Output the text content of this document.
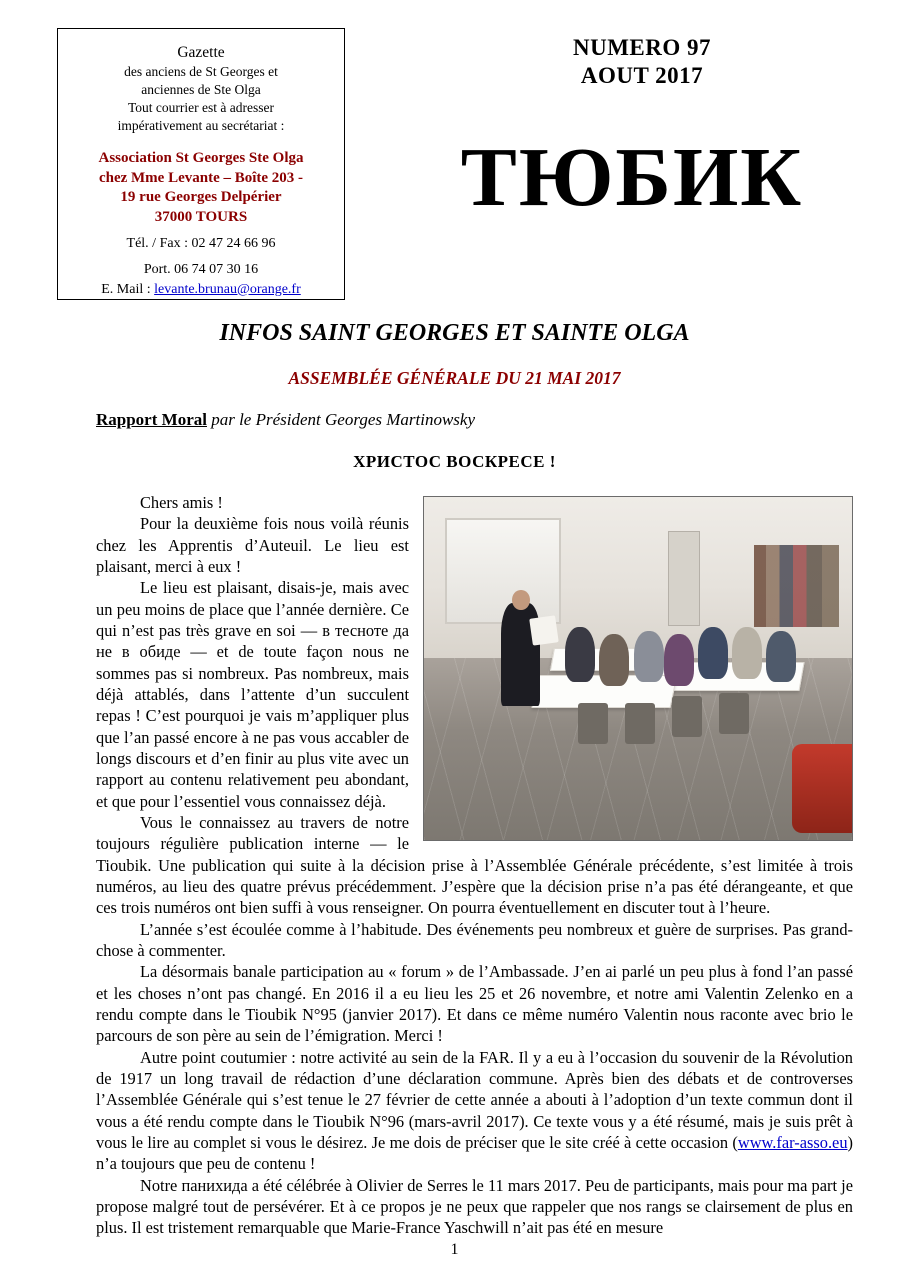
Gazette
des anciens de St Georges et
anciennes de Ste Olga
Tout courrier est à adresser
impérativement au secrétariat :
Association St Georges Ste Olga
chez Mme Levante – Boîte 203 -
19 rue Georges Delpérier
37000 TOURS
Tél. / Fax : 02 47 24 66 96
Port. 06 74 07 30 16
E. Mail : levante.brunau@orange.fr
NUMERO 97
AOUT 2017
ТЮБИК
INFOS SAINT GEORGES ET SAINTE OLGA
ASSEMBLÉE GÉNÉRALE DU 21 MAI 2017
Rapport Moral par le Président Georges Martinowsky
ХРИСТОС ВОСКРЕСЕ !

Chers amis !

Pour la deuxième fois nous voilà réunis chez les Apprentis d’Auteuil. Le lieu est plaisant, merci à eux !

Le lieu est plaisant, disais-je, mais avec un peu moins de place que l’année dernière. Ce qui n’est pas très grave en soi — в тесноте да не в обиде — et de toute façon nous ne sommes pas si nombreux. Pas nombreux, mais déjà attablés, dans l’attente d’un succulent repas ! C’est pourquoi je vais m’appliquer plus que l’an passé encore à ne pas vous accabler de longs discours et d’en finir au plus vite avec un rapport au contenu relativement peu abondant, et que pour l’essentiel vous connaissez déjà.

Vous le connaissez au travers de notre toujours régulière publication interne — le Tioubik. Une publication qui suite à la décision prise à l’Assemblée Générale précédente, s’est limitée à trois numéros, au lieu des quatre prévus précédemment. J’espère que la décision prise n’a pas été dérangeante, et que ces trois numéros ont bien suffi à vous renseigner. On pourra éventuellement en discuter tout à l’heure.

L’année s’est écoulée comme à l’habitude. Des événements peu nombreux et guère de surprises. Pas grand-chose à commenter.

La désormais banale participation au « forum » de l’Ambassade. J’en ai parlé un peu plus à fond l’an passé et les choses n’ont pas changé. En 2016 il a eu lieu les 25 et 26 novembre, et notre ami Valentin Zelenko en a rendu compte dans le Tioubik N°95 (janvier 2017). Et dans ce même numéro Valentin nous raconte avec brio le parcours de son père au sein de l’émigration. Merci !

Autre point coutumier : notre activité au sein de la FAR. Il y a eu à l’occasion du souvenir de la Révolution de 1917 un long travail de rédaction d’une déclaration commune. Après bien des débats et de controverses l’Assemblée Générale qui s’est tenue le 27 février de cette année a abouti à l’adoption d’un texte commun dont il vous a été rendu compte dans le Tioubik N°96 (mars-avril 2017). Ce texte vous y a été résumé, mais je suis prêt à vous le lire au complet si vous le désirez. Je me dois de préciser que le site créé à cette occasion (www.far-asso.eu) n’a toujours que peu de contenu !

Notre панихида a été célébrée à Olivier de Serres le 11 mars 2017. Peu de participants, mais pour ma part je propose malgré tout de persévérer. Et à ce propos je ne peux que rappeler que nos rangs se clairsement de plus en plus. Il est tristement remarquable que Marie-France Yaschwill n’ait pas été en mesure

1
